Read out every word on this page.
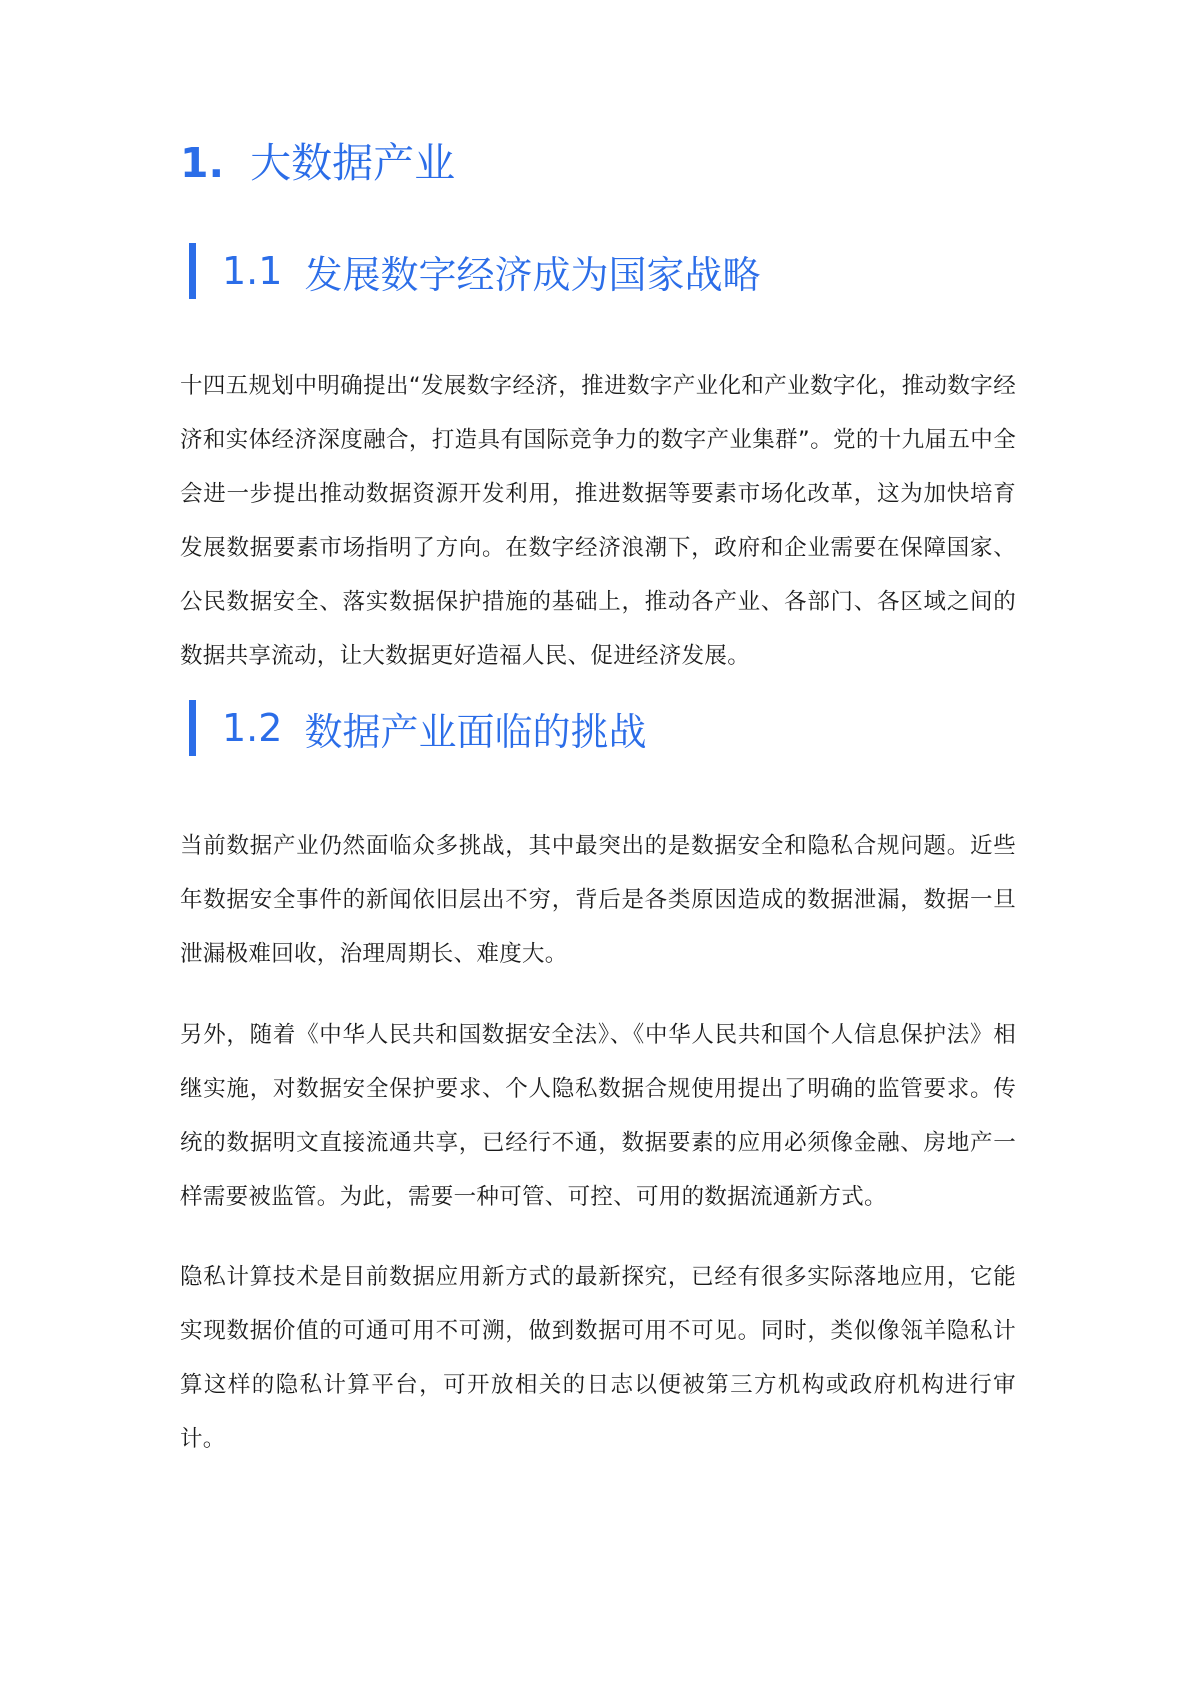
1. 大数据产业
1.1 发展数字经济成为国家战略

十四五规划中明确提出“发展数字经济，推进数字产业化和产业数字化，推动数字经济和实体经济深度融合，打造具有国际竞争力的数字产业集群”。党的十九届五中全会进一步提出推动数据资源开发利用，推进数据等要素市场化改革，这为加快培育发展数据要素市场指明了方向。在数字经济浪潮下，政府和企业需要在保障国家、公民数据安全、落实数据保护措施的基础上，推动各产业、各部门、各区域之间的数据共享流动，让大数据更好造福人民、促进经济发展。

1.2 数据产业面临的挑战

当前数据产业仍然面临众多挑战，其中最突出的是数据安全和隐私合规问题。近些年数据安全事件的新闻依旧层出不穷，背后是各类原因造成的数据泄漏，数据一旦泄漏极难回收，治理周期长、难度大。

另外，随着《中华人民共和国数据安全法》、《中华人民共和国个人信息保护法》相继实施，对数据安全保护要求、个人隐私数据合规使用提出了明确的监管要求。传统的数据明文直接流通共享，已经行不通，数据要素的应用必须像金融、房地产一样需要被监管。为此，需要一种可管、可控、可用的数据流通新方式。

隐私计算技术是目前数据应用新方式的最新探究，已经有很多实际落地应用，它能实现数据价值的可通可用不可溯，做到数据可用不可见。同时，类似像瓴羊隐私计算这样的隐私计算平台，可开放相关的日志以便被第三方机构或政府机构进行审计。
